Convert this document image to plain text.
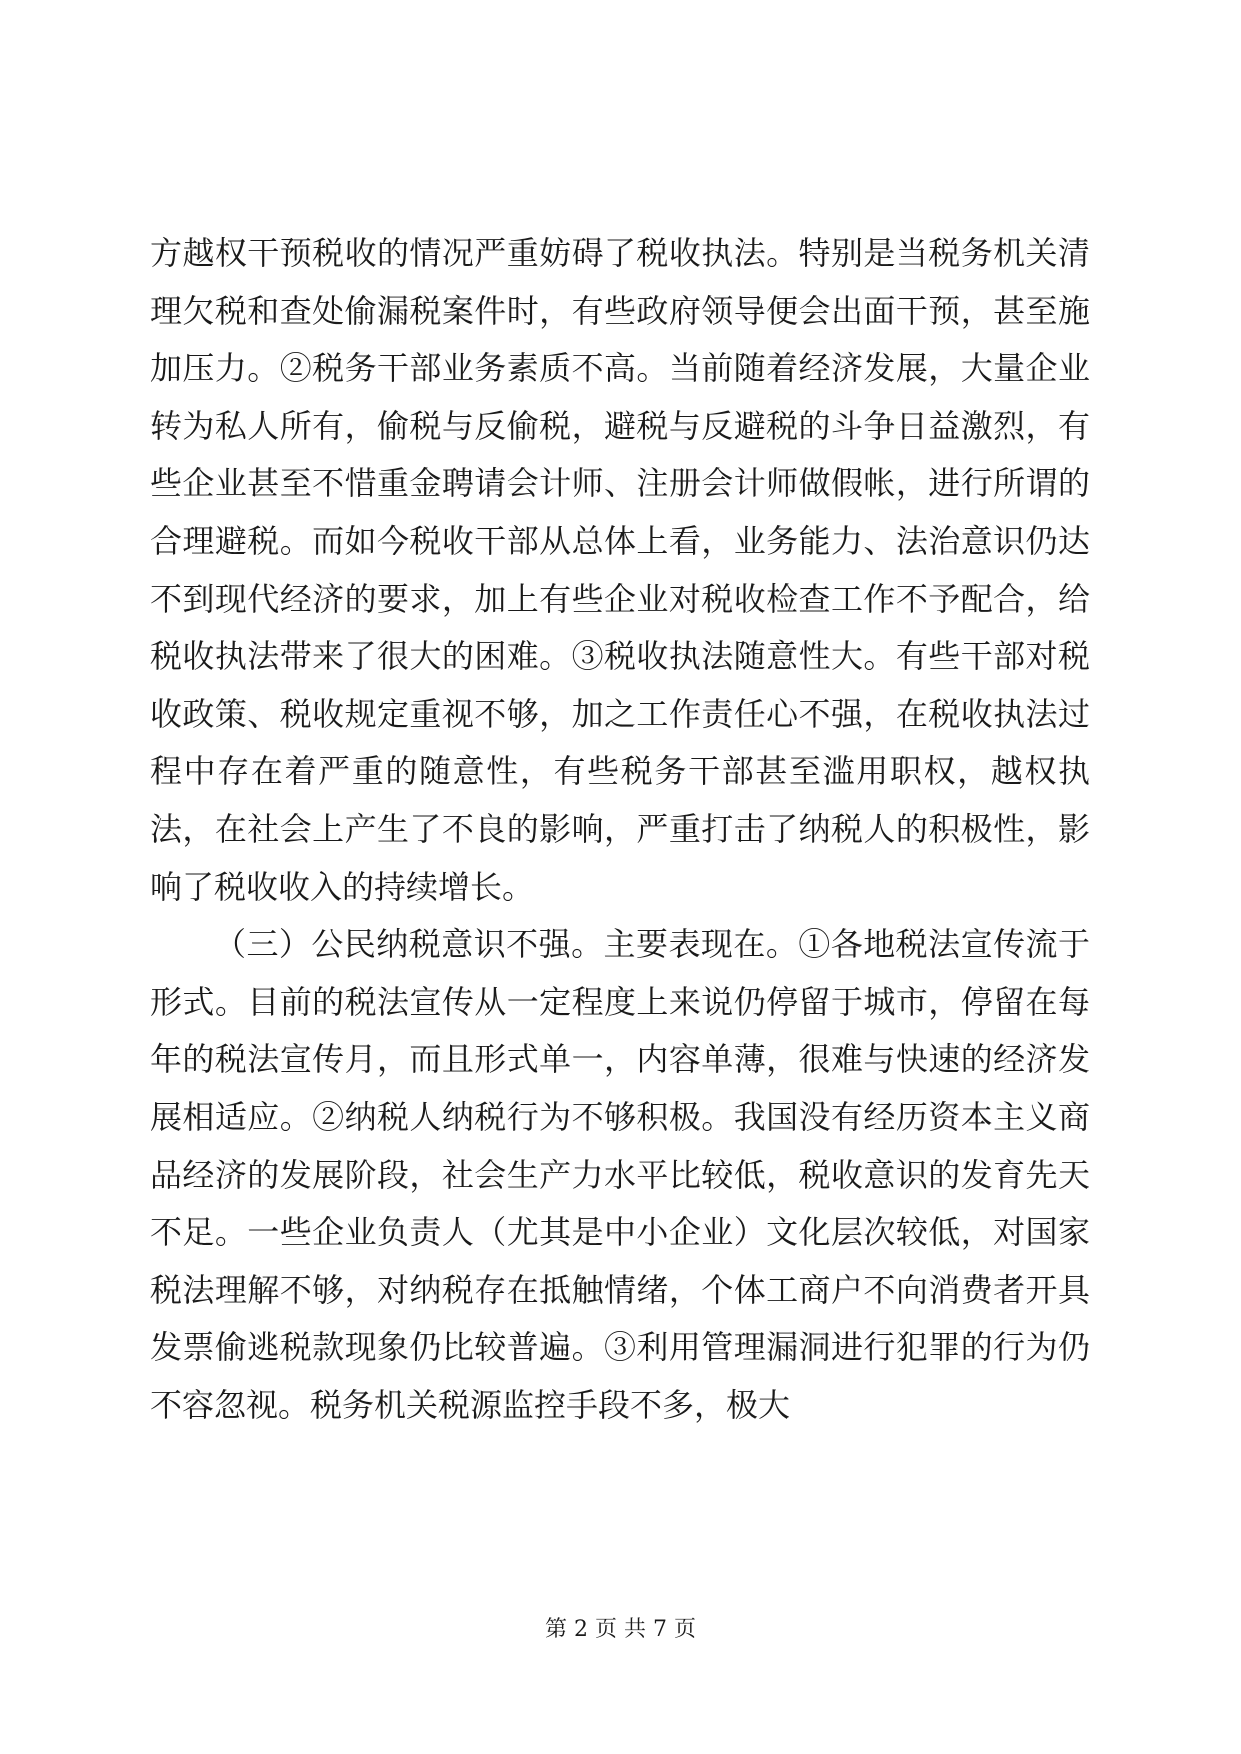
方越权干预税收的情况严重妨碍了税收执法。特别是当税务机关清理欠税和查处偷漏税案件时，有些政府领导便会出面干预，甚至施加压力。②税务干部业务素质不高。当前随着经济发展，大量企业转为私人所有，偷税与反偷税，避税与反避税的斗争日益激烈，有些企业甚至不惜重金聘请会计师、注册会计师做假帐，进行所谓的合理避税。而如今税收干部从总体上看，业务能力、法治意识仍达不到现代经济的要求，加上有些企业对税收检查工作不予配合，给税收执法带来了很大的困难。③税收执法随意性大。有些干部对税收政策、税收规定重视不够，加之工作责任心不强，在税收执法过程中存在着严重的随意性，有些税务干部甚至滥用职权，越权执法，在社会上产生了不良的影响，严重打击了纳税人的积极性，影响了税收收入的持续增长。

（三）公民纳税意识不强。主要表现在。①各地税法宣传流于形式。目前的税法宣传从一定程度上来说仍停留于城市，停留在每年的税法宣传月，而且形式单一，内容单薄，很难与快速的经济发展相适应。②纳税人纳税行为不够积极。我国没有经历资本主义商品经济的发展阶段，社会生产力水平比较低，税收意识的发育先天不足。一些企业负责人（尤其是中小企业）文化层次较低，对国家税法理解不够，对纳税存在抵触情绪，个体工商户不向消费者开具发票偷逃税款现象仍比较普遍。③利用管理漏洞进行犯罪的行为仍不容忽视。税务机关税源监控手段不多，极大

第 2 页 共 7 页
